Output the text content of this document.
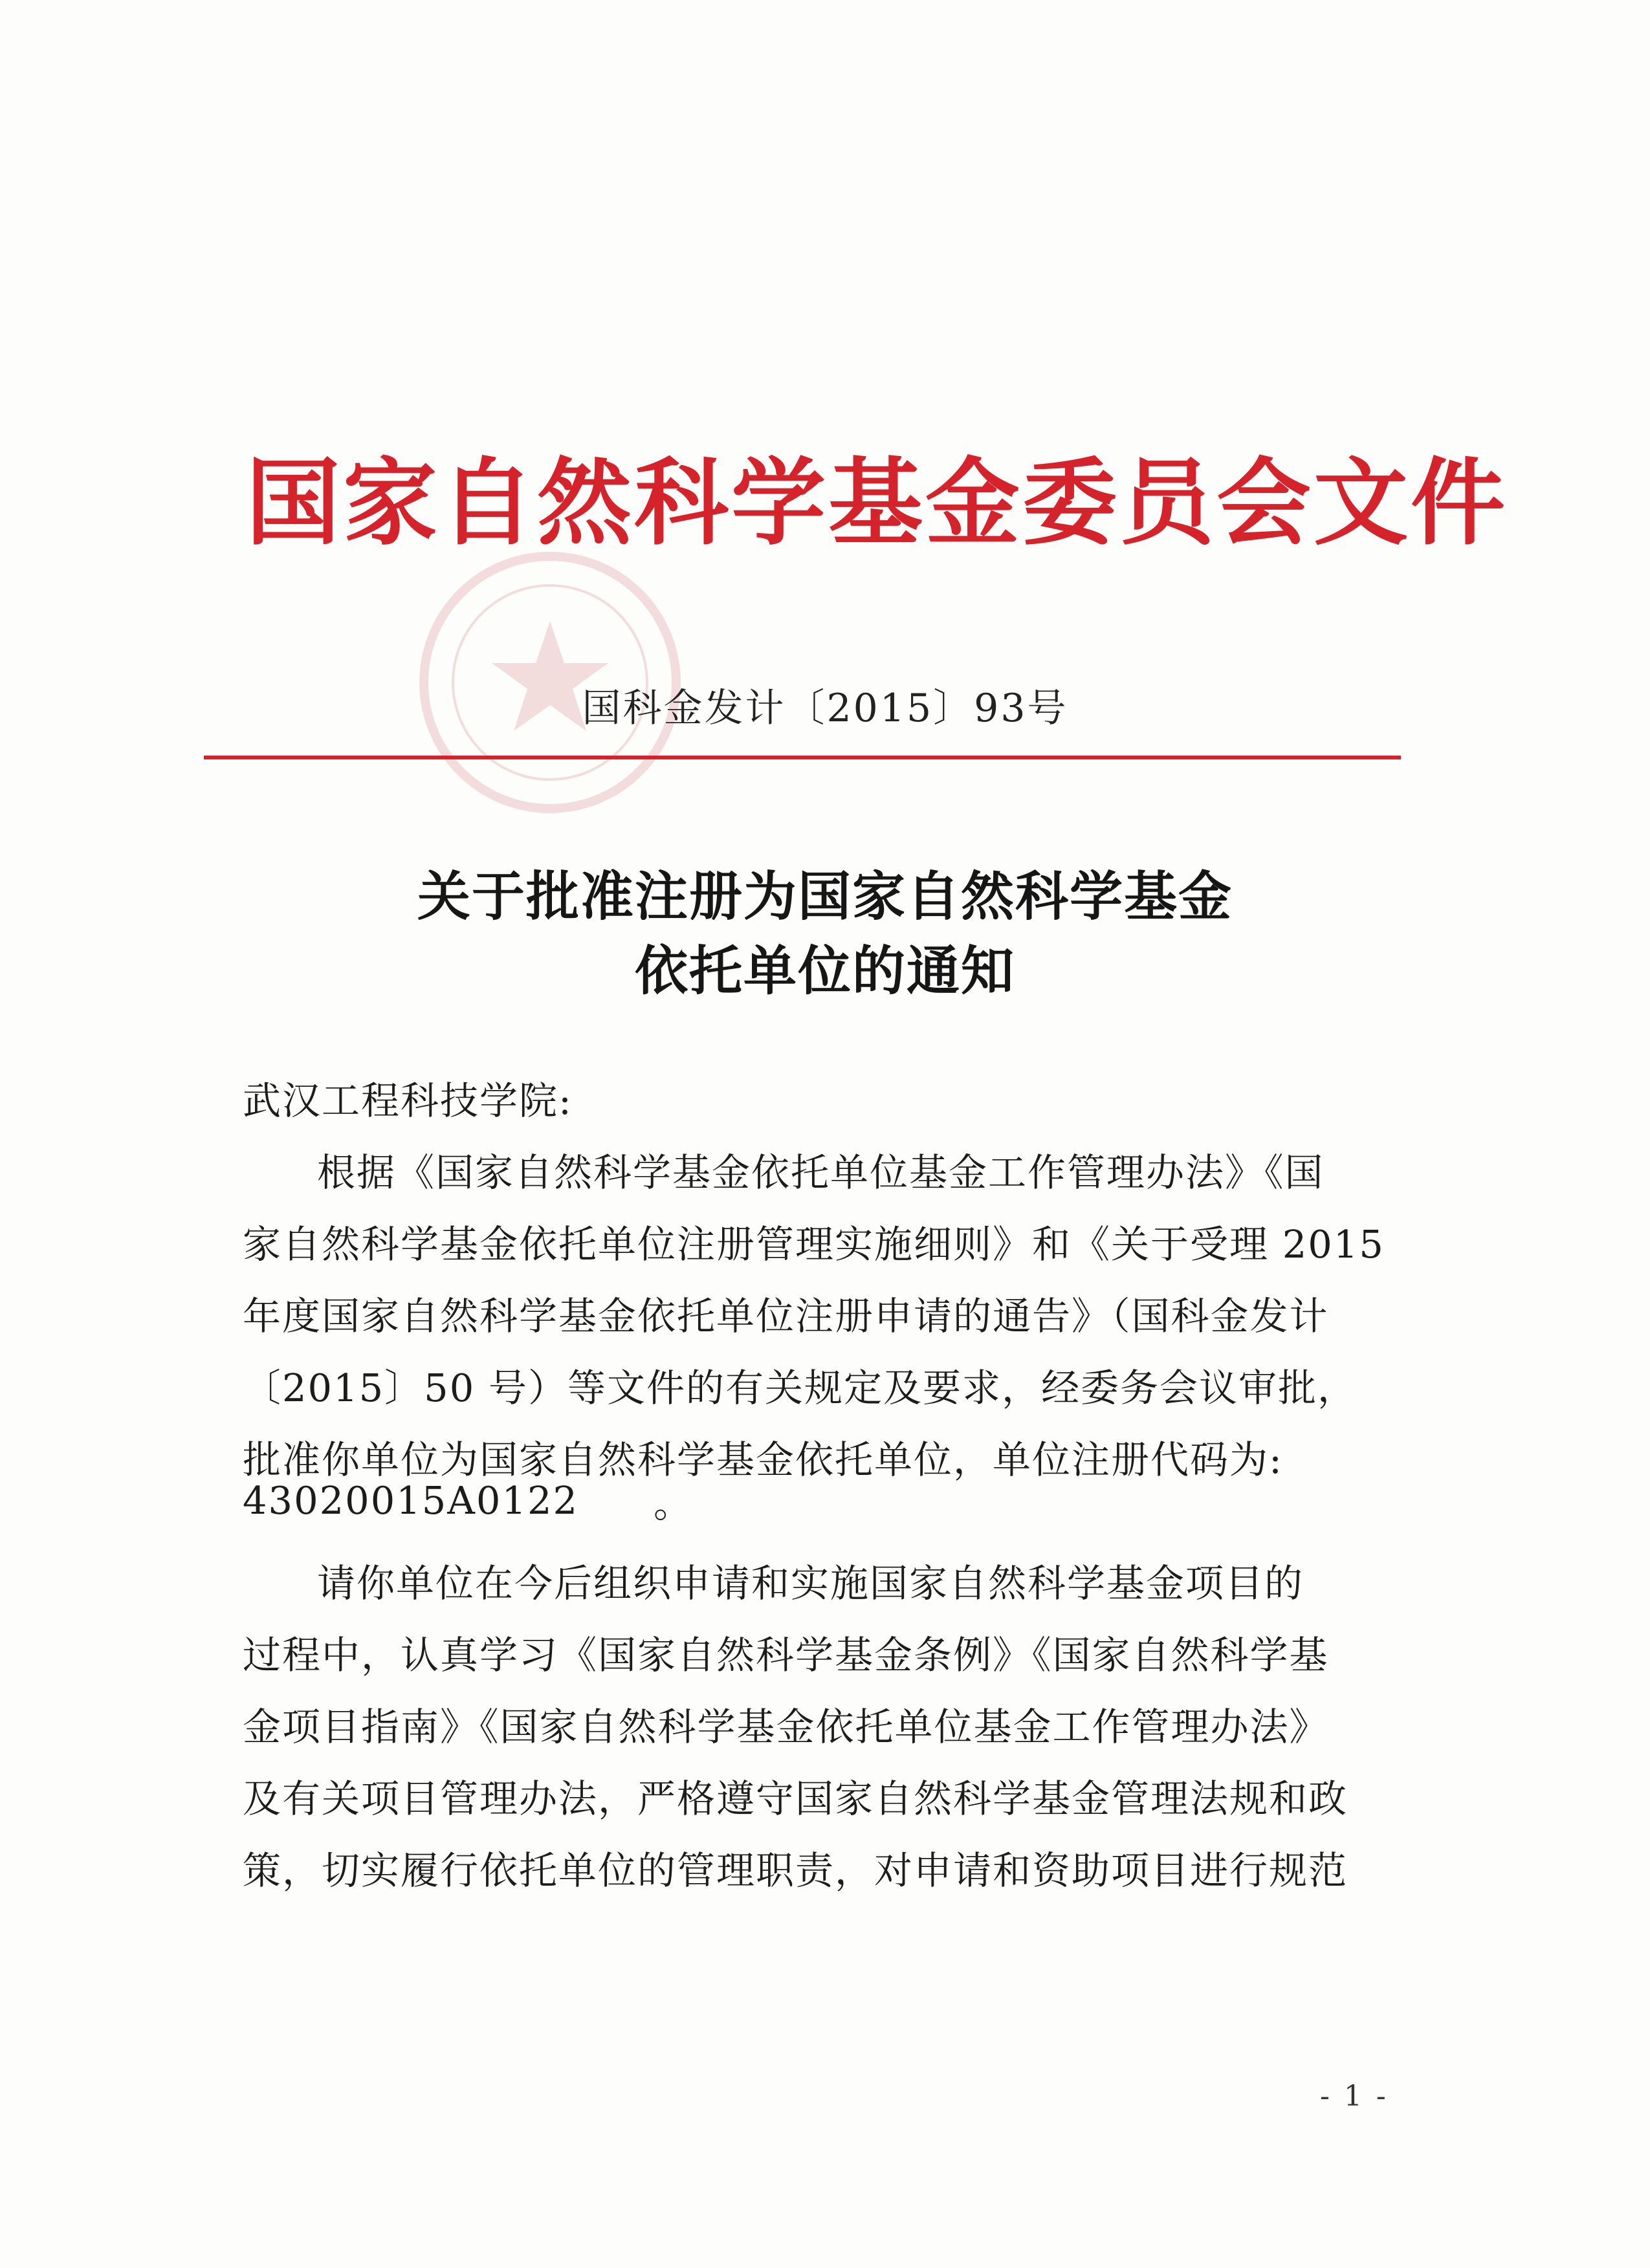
国家自然科学基金委员会文件
国科金发计〔2015〕93号
关于批准注册为国家自然科学基金
依托单位的通知
武汉工程科技学院:
根据《国家自然科学基金依托单位基金工作管理办法》《国
家自然科学基金依托单位注册管理实施细则》和《关于受理 2015
年度国家自然科学基金依托单位注册申请的通告》（国科金发计
〔2015〕50 号）等文件的有关规定及要求，经委务会议审批，
批准你单位为国家自然科学基金依托单位，单位注册代码为:
43020015A0122	。
请你单位在今后组织申请和实施国家自然科学基金项目的
过程中，认真学习《国家自然科学基金条例》《国家自然科学基
金项目指南》《国家自然科学基金依托单位基金工作管理办法》
及有关项目管理办法，严格遵守国家自然科学基金管理法规和政
策，切实履行依托单位的管理职责，对申请和资助项目进行规范
- 1 -
